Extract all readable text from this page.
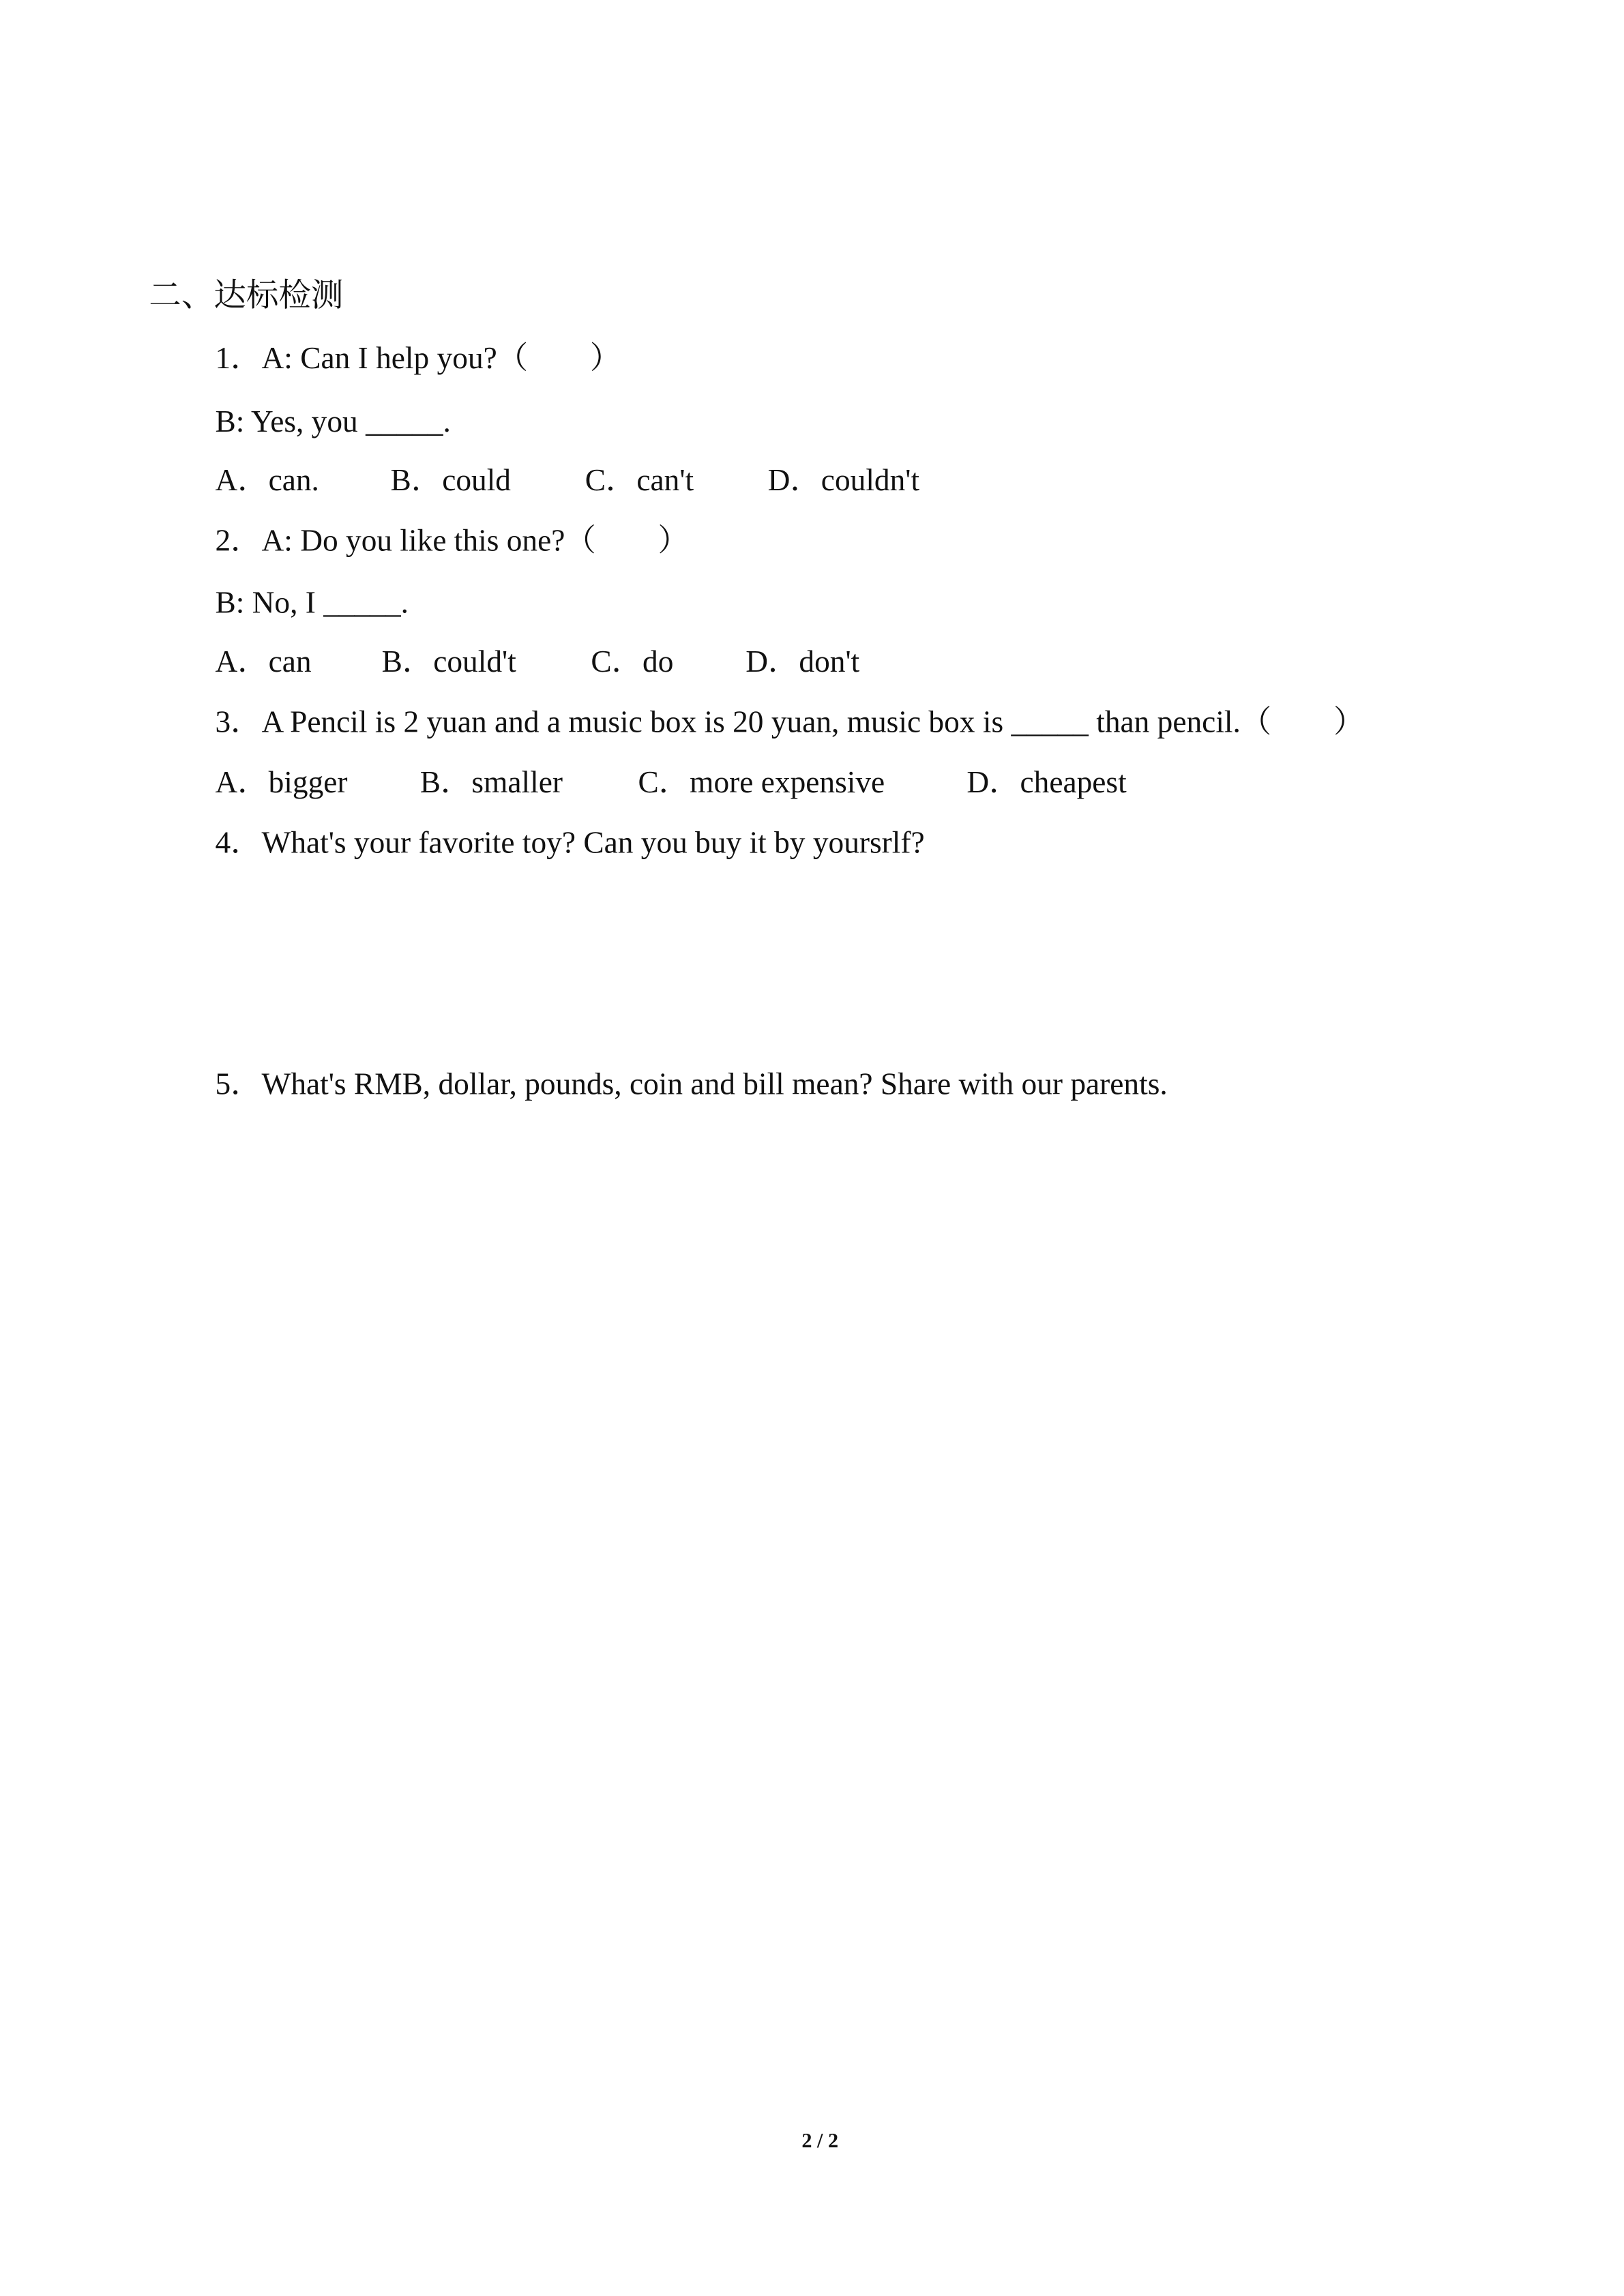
二、达标检测
1．A: Can I help you?（　　）
B: Yes, you _____.
A．can.	B．could	C．can't	D．couldn't
2．A: Do you like this one?（　　）
B: No, I _____.
A．can	B．could't	C．do	D．don't
3．A Pencil is 2 yuan and a music box is 20 yuan, music box is _____ than pencil.（　　）
A．bigger	B．smaller	C．more expensive	D．cheapest
4．What's your favorite toy? Can you buy it by yoursrlf?
5．What's RMB, dollar, pounds, coin and bill mean? Share with our parents.
2 / 2
